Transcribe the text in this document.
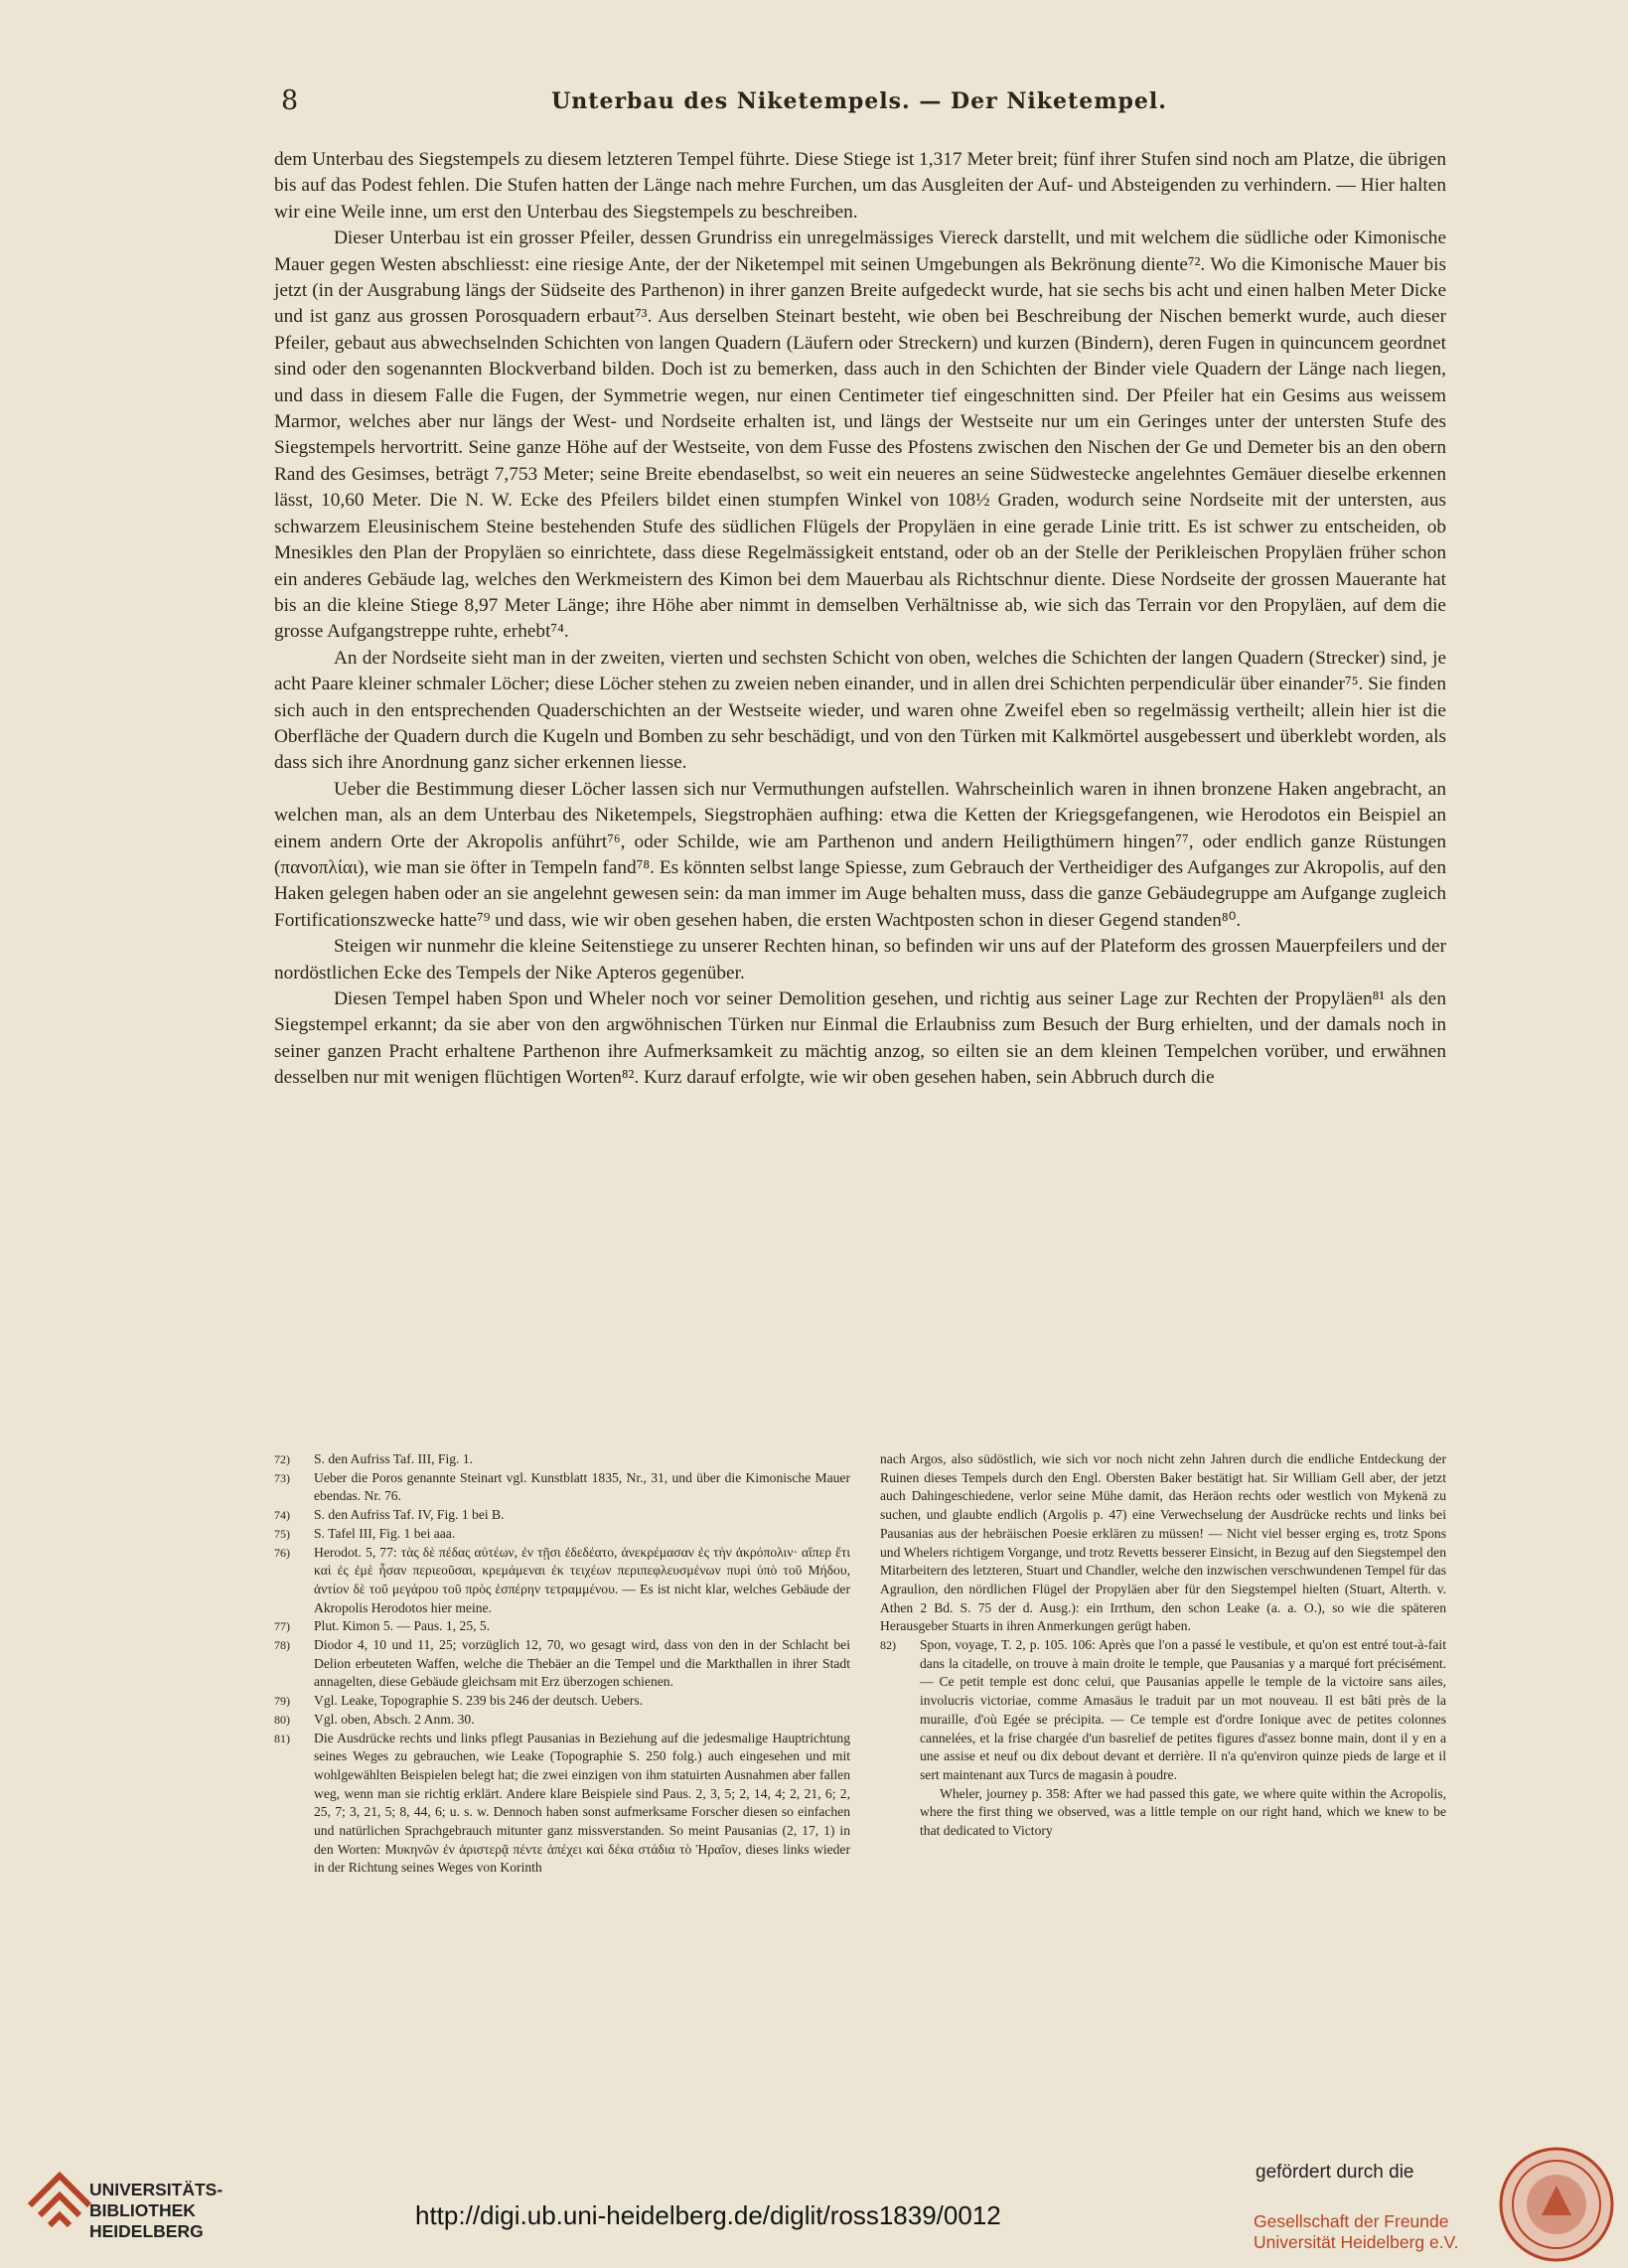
8	Unterbau des Niketempels. — Der Niketempel.

dem Unterbau des Siegstempels zu diesem letzteren Tempel führte. Diese Stiege ist 1,317 Meter breit; fünf ihrer Stufen sind noch am Platze, die übrigen bis auf das Podest fehlen. Die Stufen hatten der Länge nach mehre Furchen, um das Ausgleiten der Auf- und Absteigenden zu verhindern. — Hier halten wir eine Weile inne, um erst den Unterbau des Siegstempels zu beschreiben.

Dieser Unterbau ist ein grosser Pfeiler, dessen Grundriss ein unregelmässiges Viereck darstellt, und mit welchem die südliche oder Kimonische Mauer gegen Westen abschliesst: eine riesige Ante, der der Niketempel mit seinen Umgebungen als Bekrönung diente⁷². Wo die Kimonische Mauer bis jetzt (in der Ausgrabung längs der Südseite des Parthenon) in ihrer ganzen Breite aufgedeckt wurde, hat sie sechs bis acht und einen halben Meter Dicke und ist ganz aus grossen Porosquadern erbaut⁷³. Aus derselben Steinart besteht, wie oben bei Beschreibung der Nischen bemerkt wurde, auch dieser Pfeiler, gebaut aus abwechselnden Schichten von langen Quadern (Läufern oder Streckern) und kurzen (Bindern), deren Fugen in quincuncem geordnet sind oder den sogenannten Blockverband bilden. Doch ist zu bemerken, dass auch in den Schichten der Binder viele Quadern der Länge nach liegen, und dass in diesem Falle die Fugen, der Symmetrie wegen, nur einen Centimeter tief eingeschnitten sind. Der Pfeiler hat ein Gesims aus weissem Marmor, welches aber nur längs der West- und Nordseite erhalten ist, und längs der Westseite nur um ein Geringes unter der untersten Stufe des Siegstempels hervortritt. Seine ganze Höhe auf der Westseite, von dem Fusse des Pfostens zwischen den Nischen der Ge und Demeter bis an den obern Rand des Gesimses, beträgt 7,753 Meter; seine Breite ebendaselbst, so weit ein neueres an seine Südwestecke angelehntes Gemäuer dieselbe erkennen lässt, 10,60 Meter. Die N. W. Ecke des Pfeilers bildet einen stumpfen Winkel von 108½ Graden, wodurch seine Nordseite mit der untersten, aus schwarzem Eleusinischem Steine bestehenden Stufe des südlichen Flügels der Propyläen in eine gerade Linie tritt. Es ist schwer zu entscheiden, ob Mnesikles den Plan der Propyläen so einrichtete, dass diese Regelmässigkeit entstand, oder ob an der Stelle der Perikleischen Propyläen früher schon ein anderes Gebäude lag, welches den Werkmeistern des Kimon bei dem Mauerbau als Richtschnur diente. Diese Nordseite der grossen Mauerante hat bis an die kleine Stiege 8,97 Meter Länge; ihre Höhe aber nimmt in demselben Verhältnisse ab, wie sich das Terrain vor den Propyläen, auf dem die grosse Aufgangstreppe ruhte, erhebt⁷⁴.

An der Nordseite sieht man in der zweiten, vierten und sechsten Schicht von oben, welches die Schichten der langen Quadern (Strecker) sind, je acht Paare kleiner schmaler Löcher; diese Löcher stehen zu zweien neben einander, und in allen drei Schichten perpendiculär über einander⁷⁵. Sie finden sich auch in den entsprechenden Quaderschichten an der Westseite wieder, und waren ohne Zweifel eben so regelmässig vertheilt; allein hier ist die Oberfläche der Quadern durch die Kugeln und Bomben zu sehr beschädigt, und von den Türken mit Kalkmörtel ausgebessert und überklebt worden, als dass sich ihre Anordnung ganz sicher erkennen liesse.

Ueber die Bestimmung dieser Löcher lassen sich nur Vermuthungen aufstellen. Wahrscheinlich waren in ihnen bronzene Haken angebracht, an welchen man, als an dem Unterbau des Niketempels, Siegstrophäen aufhing: etwa die Ketten der Kriegsgefangenen, wie Herodotos ein Beispiel an einem andern Orte der Akropolis anführt⁷⁶, oder Schilde, wie am Parthenon und andern Heiligthümern hingen⁷⁷, oder endlich ganze Rüstungen (πανοπλίαι), wie man sie öfter in Tempeln fand⁷⁸. Es könnten selbst lange Spiesse, zum Gebrauch der Vertheidiger des Aufganges zur Akropolis, auf den Haken gelegen haben oder an sie angelehnt gewesen sein: da man immer im Auge behalten muss, dass die ganze Gebäudegruppe am Aufgange zugleich Fortificationszwecke hatte⁷⁹ und dass, wie wir oben gesehen haben, die ersten Wachtposten schon in dieser Gegend standen⁸⁰.

Steigen wir nunmehr die kleine Seitenstiege zu unserer Rechten hinan, so befinden wir uns auf der Plateform des grossen Mauerpfeilers und der nordöstlichen Ecke des Tempels der Nike Apteros gegenüber.

Diesen Tempel haben Spon und Wheler noch vor seiner Demolition gesehen, und richtig aus seiner Lage zur Rechten der Propyläen⁸¹ als den Siegstempel erkannt; da sie aber von den argwöhnischen Türken nur Einmal die Erlaubniss zum Besuch der Burg erhielten, und der damals noch in seiner ganzen Pracht erhaltene Parthenon ihre Aufmerksamkeit zu mächtig anzog, so eilten sie an dem kleinen Tempelchen vorüber, und erwähnen desselben nur mit wenigen flüchtigen Worten⁸². Kurz darauf erfolgte, wie wir oben gesehen haben, sein Abbruch durch die

72) S. den Aufriss Taf. III, Fig. 1.

73) Ueber die Poros genannte Steinart vgl. Kunstblatt 1835, Nr., 31, und über die Kimonische Mauer ebendas. Nr. 76.

74) S. den Aufriss Taf. IV, Fig. 1 bei B.

75) S. Tafel III, Fig. 1 bei aaa.

76) Herodot. 5, 77: τὰς δὲ πέδας αὐτέων, ἐν τῇσι ἐδεδέατο, ἀνεκρέμασαν ἐς τὴν ἀκρόπολιν· αἵπερ ἔτι καὶ ἐς ἐμὲ ἦσαν περιεοῦσαι, κρεμάμεναι ἐκ τειχέων περιπεφλευσμένων πυρὶ ὑπὸ τοῦ Μήδου, ἀντίον δὲ τοῦ μεγάρου τοῦ πρὸς ἑσπέρην τετραμμένου. — Es ist nicht klar, welches Gebäude der Akropolis Herodotos hier meine.

77) Plut. Kimon 5. — Paus. 1, 25, 5.

78) Diodor 4, 10 und 11, 25; vorzüglich 12, 70, wo gesagt wird, dass von den in der Schlacht bei Delion erbeuteten Waffen, welche die Thebäer an die Tempel und die Markthallen in ihrer Stadt annagelten, diese Gebäude gleichsam mit Erz überzogen schienen.

79) Vgl. Leake, Topographie S. 239 bis 246 der deutsch. Uebers.

80) Vgl. oben, Absch. 2 Anm. 30.

81) Die Ausdrücke rechts und links pflegt Pausanias in Beziehung auf die jedesmalige Hauptrichtung seines Weges zu gebrauchen, wie Leake (Topographie S. 250 folg.) auch eingesehen und mit wohlgewählten Beispielen belegt hat; die zwei einzigen von ihm statuirten Ausnahmen aber fallen weg, wenn man sie richtig erklärt. Andere klare Beispiele sind Paus. 2, 3, 5; 2, 14, 4; 2, 21, 6; 2, 25, 7; 3, 21, 5; 8, 44, 6; u. s. w. Dennoch haben sonst aufmerksame Forscher diesen so einfachen und natürlichen Sprachgebrauch mitunter ganz missverstanden. So meint Pausanias (2, 17, 1) in den Worten: Μυκηνῶν ἐν ἀριστερᾷ πέντε ἀπέχει καὶ δέκα στάδια τὸ Ἡραῖον, dieses links wieder in der Richtung seines Weges von Korinth

nach Argos, also südöstlich, wie sich vor noch nicht zehn Jahren durch die endliche Entdeckung der Ruinen dieses Tempels durch den Engl. Obersten Baker bestätigt hat. Sir William Gell aber, der jetzt auch Dahingeschiedene, verlor seine Mühe damit, das Heräon rechts oder westlich von Mykenä zu suchen, und glaubte endlich (Argolis p. 47) eine Verwechselung der Ausdrücke rechts und links bei Pausanias aus der hebräischen Poesie erklären zu müssen! — Nicht viel besser erging es, trotz Spons und Whelers richtigem Vorgange, und trotz Revetts besserer Einsicht, in Bezug auf den Siegstempel den Mitarbeitern des letzteren, Stuart und Chandler, welche den inzwischen verschwundenen Tempel für das Agraulion, den nördlichen Flügel der Propyläen aber für den Siegstempel hielten (Stuart, Alterth. v. Athen 2 Bd. S. 75 der d. Ausg.): ein Irrthum, den schon Leake (a. a. O.), so wie die späteren Herausgeber Stuarts in ihren Anmerkungen gerügt haben.

82) Spon, voyage, T. 2, p. 105. 106: Après que l'on a passé le vestibule, et qu'on est entré tout-à-fait dans la citadelle, on trouve à main droite le temple, que Pausanias y a marqué fort précisément. — Ce petit temple est donc celui, que Pausanias appelle le temple de la victoire sans ailes, involucris victoriae, comme Amasäus le traduit par un mot nouveau. Il est bâti près de la muraille, d'où Egée se précipita. — Ce temple est d'ordre Ionique avec de petites colonnes cannelées, et la frise chargée d'un basrelief de petites figures d'assez bonne main, dont il y en a une assise et neuf ou dix debout devant et derrière. Il n'a qu'environ quinze pieds de large et il sert maintenant aux Turcs de magasin à poudre.

Wheler, journey p. 358: After we had passed this gate, we where quite within the Acropolis, where the first thing we observed, was a little temple on our right hand, which we knew to be that dedicated to Victory

UNIVERSITÄTS-
BIBLIOTHEK
HEIDELBERG
http://digi.ub.uni-heidelberg.de/diglit/ross1839/0012
gefördert durch die
Gesellschaft der Freunde
Universität Heidelberg e.V.
